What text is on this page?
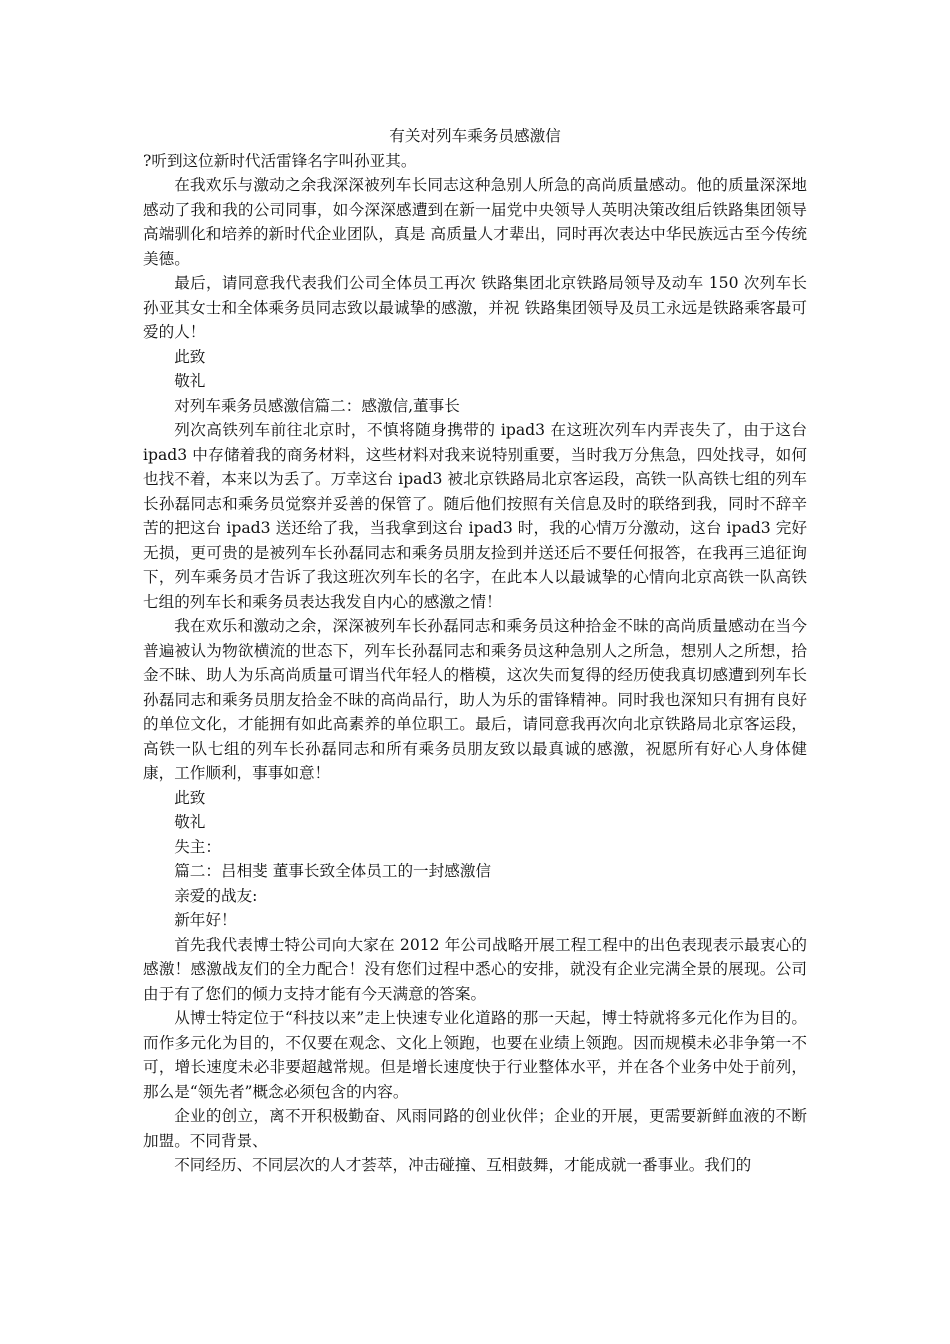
有关对列车乘务员感激信

?听到这位新时代活雷锋名字叫孙亚其。

在我欢乐与激动之余我深深被列车长同志这种急别人所急的高尚质量感动。他的质量深深地感动了我和我的公司同事，如今深深感遭到在新一届党中央领导人英明决策改组后铁路集团领导高端驯化和培养的新时代企业团队，真是 高质量人才辈出，同时再次表达中华民族远古至今传统美德。

最后，请同意我代表我们公司全体员工再次 铁路集团北京铁路局领导及动车 150 次列车长孙亚其女士和全体乘务员同志致以最诚挚的感激，并祝 铁路集团领导及员工永远是铁路乘客最可爱的人！

此致

敬礼

对列车乘务员感激信篇二：感激信,董事长

列次高铁列车前往北京时，不慎将随身携带的 ipad3 在这班次列车内弄丧失了，由于这台 ipad3 中存储着我的商务材料，这些材料对我来说特别重要，当时我万分焦急，四处找寻，如何也找不着，本来以为丢了。万幸这台 ipad3 被北京铁路局北京客运段，高铁一队高铁七组的列车长孙磊同志和乘务员觉察并妥善的保管了。随后他们按照有关信息及时的联络到我，同时不辞辛苦的把这台 ipad3 送还给了我，当我拿到这台 ipad3 时，我的心情万分激动，这台 ipad3 完好无损，更可贵的是被列车长孙磊同志和乘务员朋友捡到并送还后不要任何报答，在我再三追征询下，列车乘务员才告诉了我这班次列车长的名字，在此本人以最诚挚的心情向北京高铁一队高铁七组的列车长和乘务员表达我发自内心的感激之情！

我在欢乐和激动之余，深深被列车长孙磊同志和乘务员这种拾金不昧的高尚质量感动在当今普遍被认为物欲横流的世态下，列车长孙磊同志和乘务员这种急别人之所急，想别人之所想，拾金不昧、助人为乐高尚质量可谓当代年轻人的楷模，这次失而复得的经历使我真切感遭到列车长孙磊同志和乘务员朋友拾金不昧的高尚品行，助人为乐的雷锋精神。同时我也深知只有拥有良好的单位文化，才能拥有如此高素养的单位职工。最后，请同意我再次向北京铁路局北京客运段，高铁一队七组的列车长孙磊同志和所有乘务员朋友致以最真诚的感激，祝愿所有好心人身体健康，工作顺利，事事如意！

此致

敬礼

失主：

篇二：吕相斐 董事长致全体员工的一封感激信

亲爱的战友:

新年好！

首先我代表博士特公司向大家在 2012 年公司战略开展工程工程中的出色表现表示最衷心的感激！感激战友们的全力配合！没有您们过程中悉心的安排，就没有企业完满全景的展现。公司由于有了您们的倾力支持才能有今天满意的答案。

从博士特定位于“科技以来”走上快速专业化道路的那一天起，博士特就将多元化作为目的。而作多元化为目的，不仅要在观念、文化上领跑，也要在业绩上领跑。因而规模未必非争第一不可，增长速度未必非要超越常规。但是增长速度快于行业整体水平，并在各个业务中处于前列，那么是“领先者”概念必须包含的内容。

企业的创立，离不开积极勤奋、风雨同路的创业伙伴；企业的开展，更需要新鲜血液的不断加盟。不同背景、

不同经历、不同层次的人才荟萃，冲击碰撞、互相鼓舞，才能成就一番事业。我们的
